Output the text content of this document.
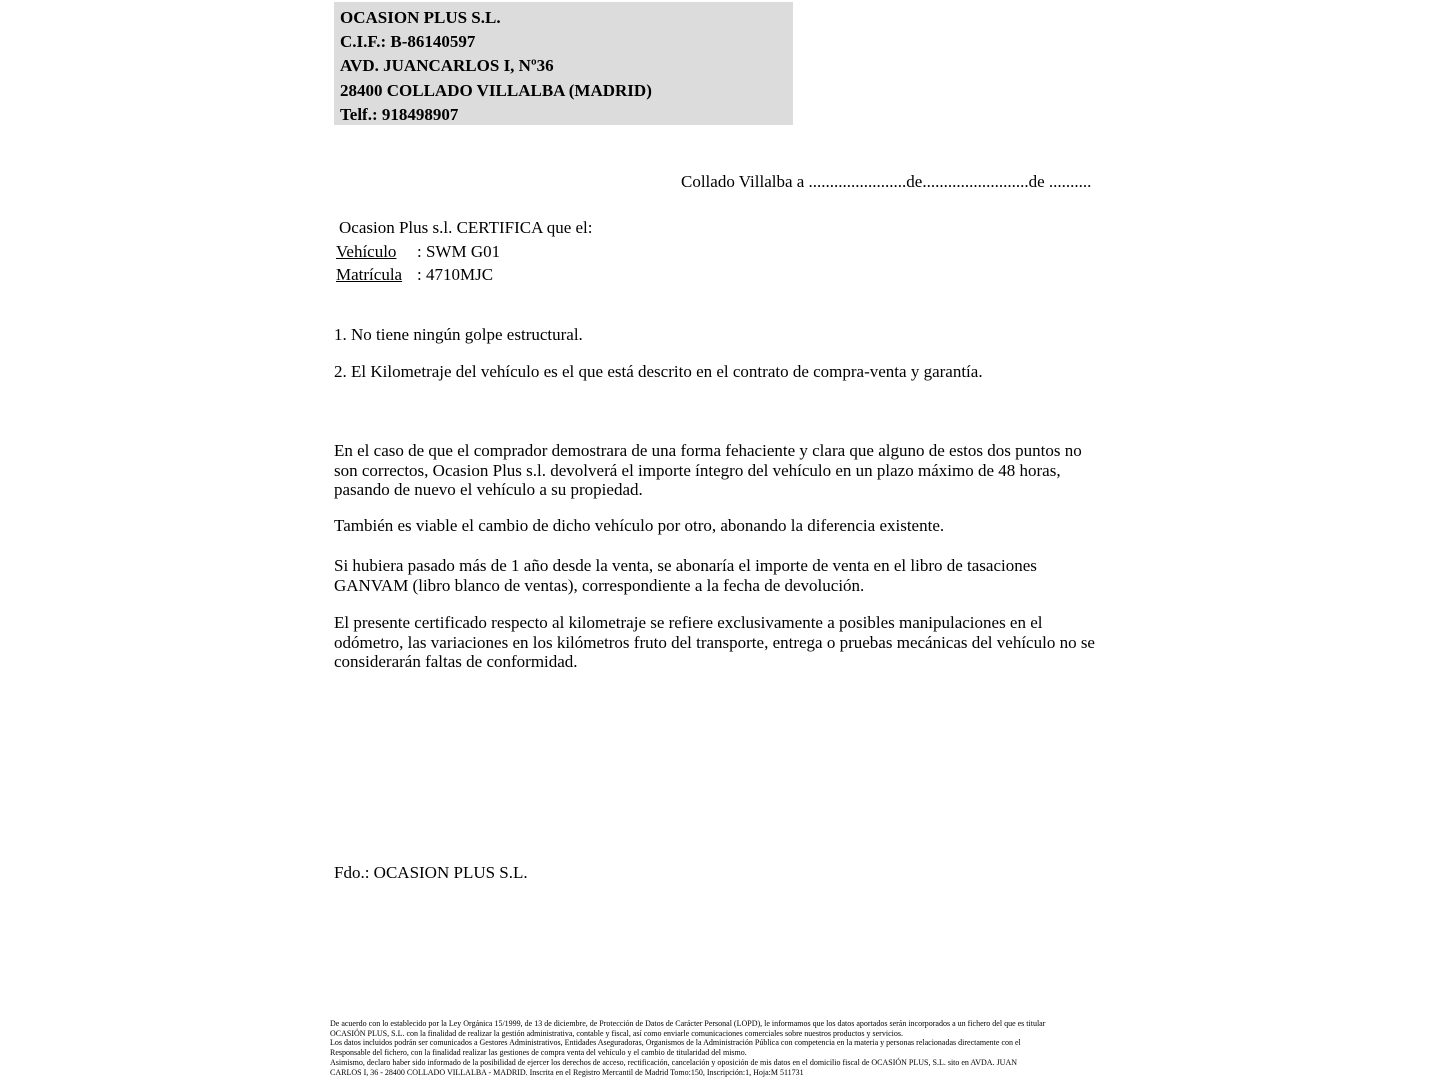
OCASION PLUS S.L.
C.I.F.: B-86140597
AVD. JUANCARLOS I, Nº36
28400 COLLADO VILLALBA (MADRID)
Telf.: 918498907
Collado Villalba a .......................de.........................de ..........
Ocasion Plus s.l. CERTIFICA que el:
Vehículo : SWM G01
Matrícula : 4710MJC
1. No tiene ningún golpe estructural.
2. El Kilometraje del vehículo es el que está descrito en el contrato de compra-venta y garantía.
En el caso de que el comprador demostrara de una forma fehaciente y clara que alguno de estos dos puntos no son correctos, Ocasion Plus s.l. devolverá el importe íntegro del vehículo en un plazo máximo de 48 horas, pasando de nuevo el vehículo a su propiedad.
También es viable el cambio de dicho vehículo por otro, abonando la diferencia existente.
Si hubiera pasado más de 1 año desde la venta, se abonaría el importe de venta en el libro de tasaciones GANVAM (libro blanco de ventas), correspondiente a la fecha de devolución.
El presente certificado respecto al kilometraje se refiere exclusivamente a posibles manipulaciones en el odómetro, las variaciones en los kilómetros fruto del transporte, entrega o pruebas mecánicas del vehículo no se considerarán faltas de conformidad.
Fdo.: OCASION PLUS S.L.
De acuerdo con lo establecido por la Ley Orgánica 15/1999, de 13 de diciembre, de Protección de Datos de Carácter Personal (LOPD), le informamos que los datos aportados serán incorporados a un fichero del que es titular
OCASIÓN PLUS, S.L. con la finalidad de realizar la gestión administrativa, contable y fiscal, así como enviarle comunicaciones comerciales sobre nuestros productos y servicios.
Los datos incluidos podrán ser comunicados a Gestores Administrativos, Entidades Aseguradoras, Organismos de la Administración Pública con competencia en la materia y personas relacionadas directamente con el
Responsable del fichero, con la finalidad realizar las gestiones de compra venta del vehículo y el cambio de titularidad del mismo.
Asimismo, declaro haber sido informado de la posibilidad de ejercer los derechos de acceso, rectificación, cancelación y oposición de mis datos en el domicilio fiscal de OCASIÓN PLUS, S.L. sito en AVDA. JUAN
CARLOS I, 36 - 28400 COLLADO VILLALBA - MADRID. Inscrita en el Registro Mercantil de Madrid Tomo:150, Inscripción:1, Hoja:M 511731
